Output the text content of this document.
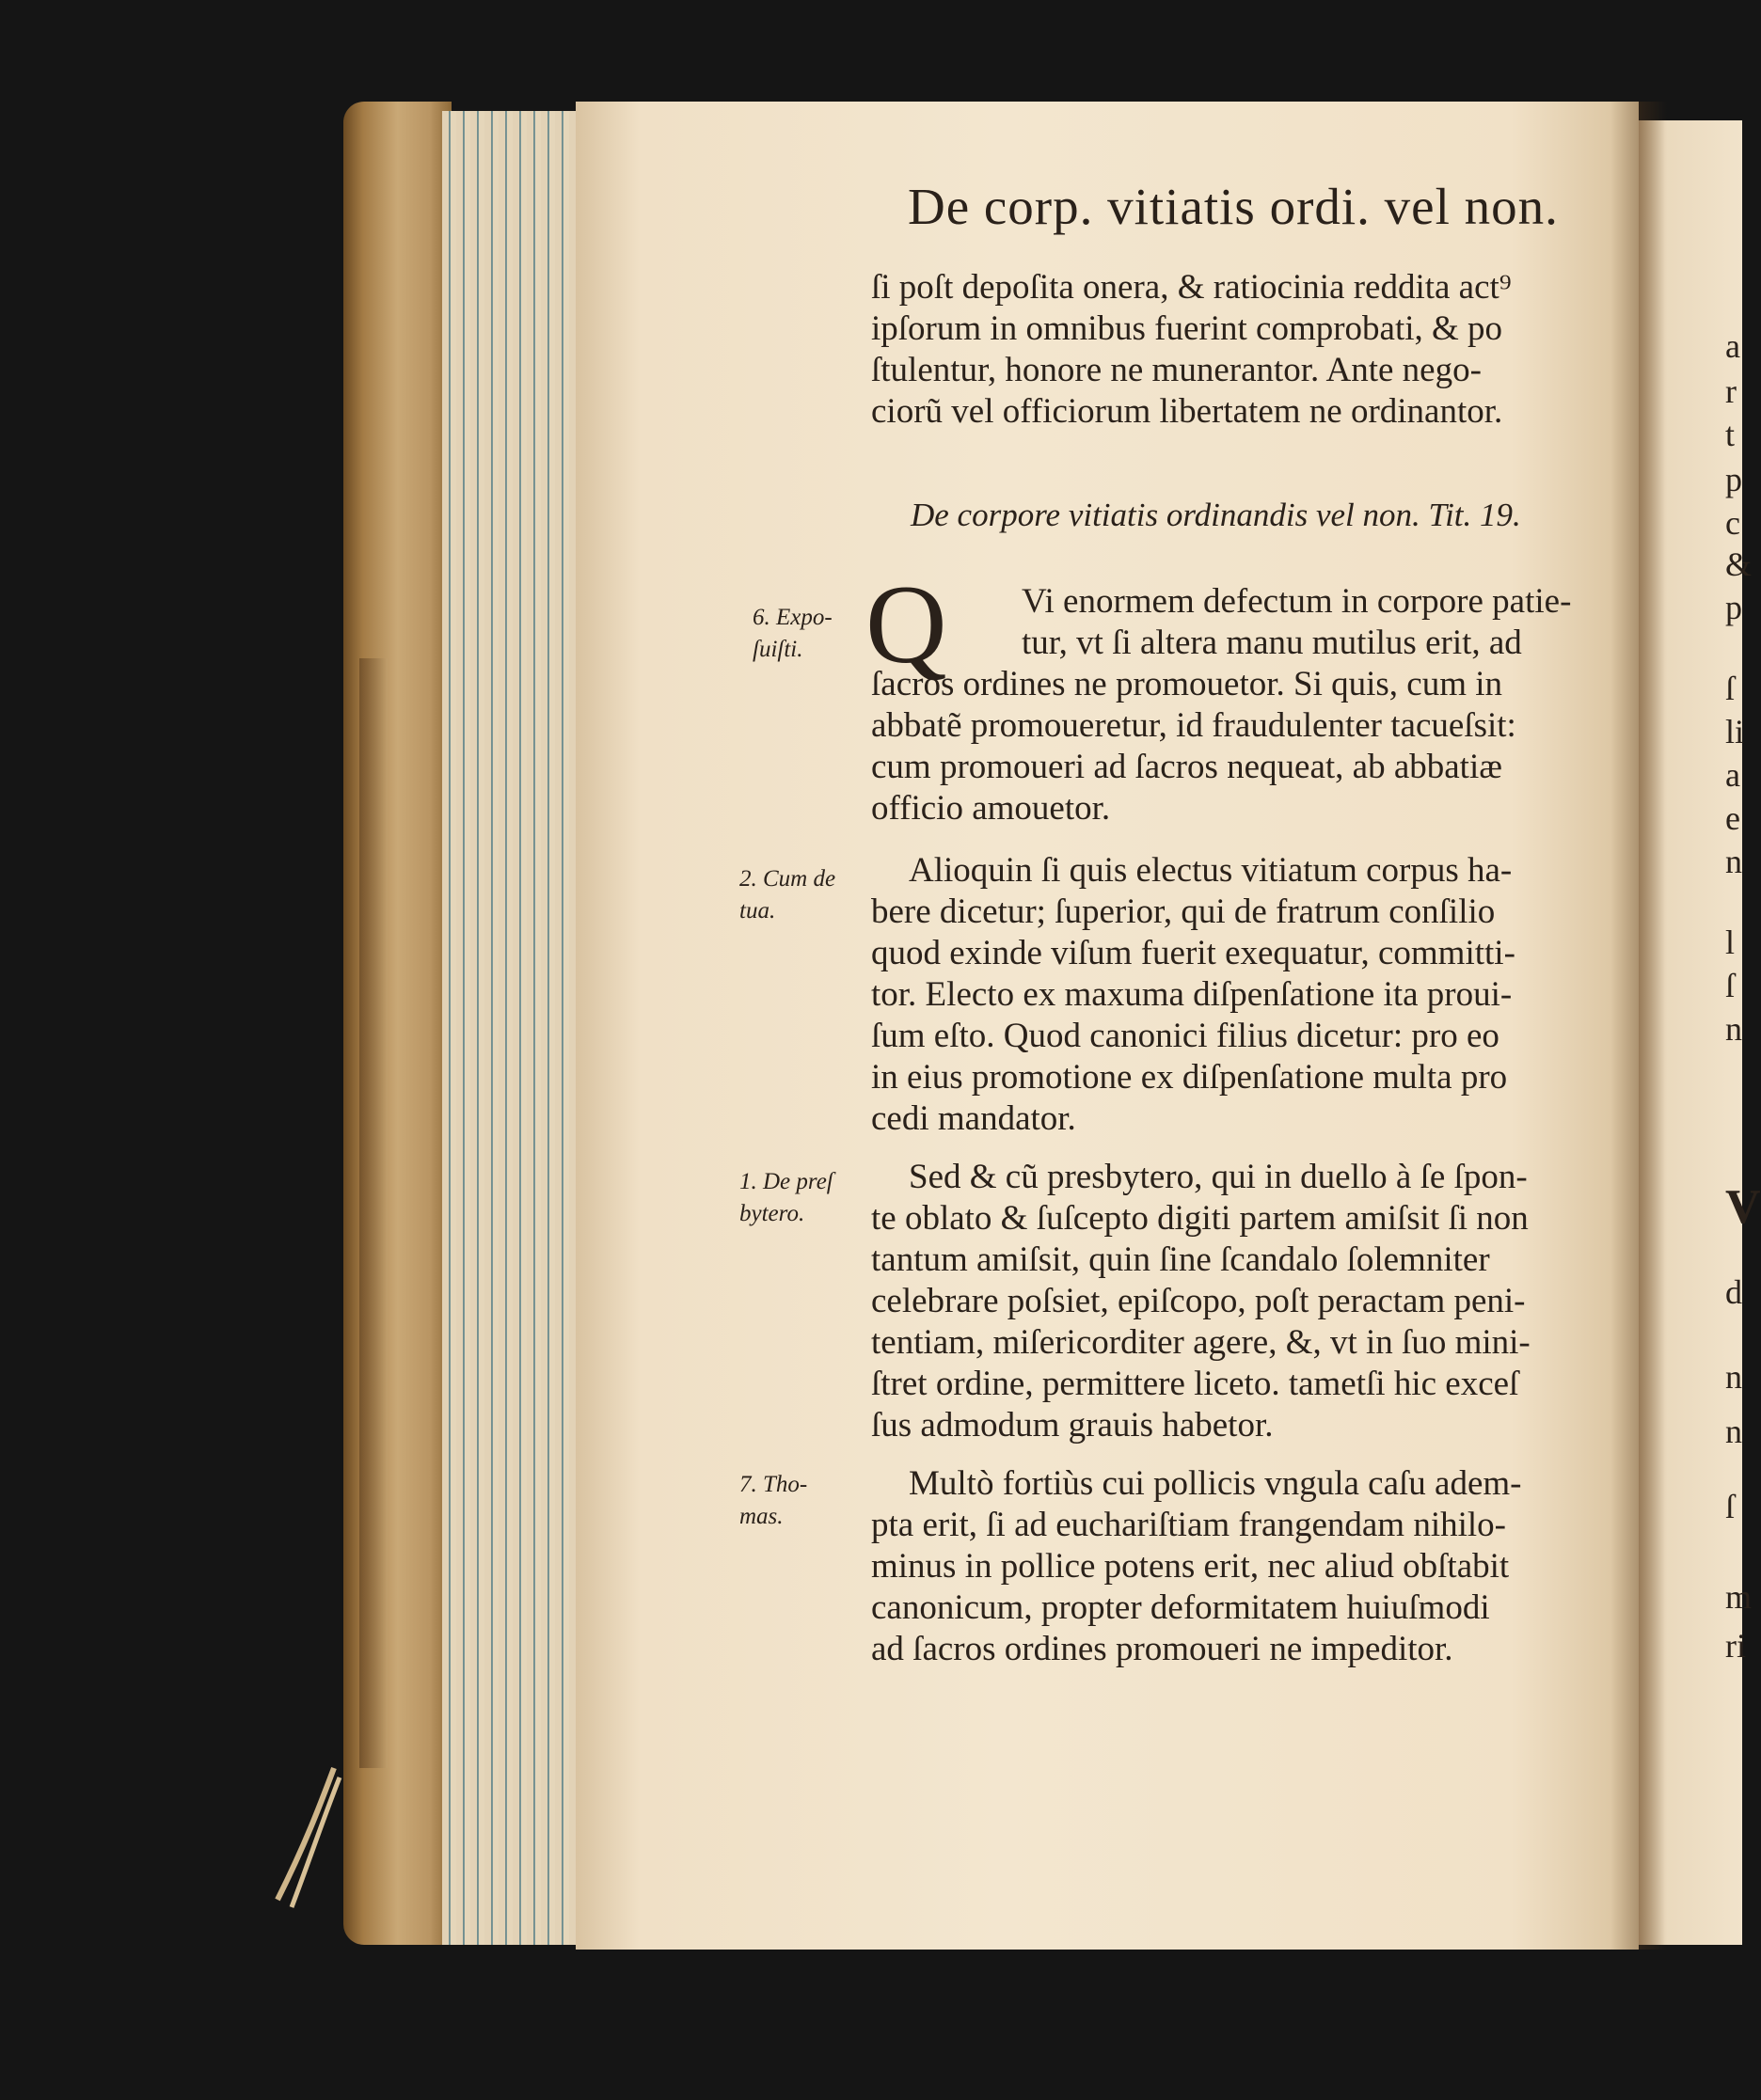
De corp. vitiatis ordi. vel non.
ſi poſt depoſita onera, & ratiocinia reddita act⁹
ipſorum in omnibus fuerint comprobati, & po
ſtulentur, honore ne munerantor. Ante nego-
ciorũ vel officiorum libertatem ne ordinantor.
De corpore vitiatis ordinandis vel non. Tit. 19.
Q	Vi enormem defectum in corpore patie-
tur, vt ſi altera manu mutilus erit, ad
ſacros ordines ne promouetor. Si quis, cum in
abbatẽ promoueretur, id fraudulenter tacueſsit:
cum promoueri ad ſacros nequeat, ab abbatiæ
officio amouetor.
Alioquin ſi quis electus vitiatum corpus ha-
bere dicetur; ſuperior, qui de fratrum conſilio
quod exinde viſum fuerit exequatur, committi-
tor. Electo ex maxuma diſpenſatione ita proui-
ſum eſto. Quod canonici filius dicetur: pro eo
in eius promotione ex diſpenſatione multa pro
cedi mandator.
Sed & cũ presbytero, qui in duello à ſe ſpon-
te oblato & ſuſcepto digiti partem amiſsit ſi non
tantum amiſsit, quin ſine ſcandalo ſolemniter
celebrare poſsiet, epiſcopo, poſt peractam peni-
tentiam, miſericorditer agere, &, vt in ſuo mini-
ſtret ordine, permittere liceto. tametſi hic exceſ
ſus admodum grauis habetor.
Multò fortiùs cui pollicis vngula caſu adem-
pta erit, ſi ad euchariſtiam frangendam nihilo-
minus in pollice potens erit, nec aliud obſtabit
canonicum, propter deformitatem huiuſmodi
ad ſacros ordines promoueri ne impeditor.
6. Expo-
ſuiſti.
2. Cum de
tua.
1. De preſ
bytero.
7. Tho-
mas.
a
r
t
p
c
&
p
ſ
li
a
e
n
l
ſ
n
V
d
n
n
ſ
m
ri
